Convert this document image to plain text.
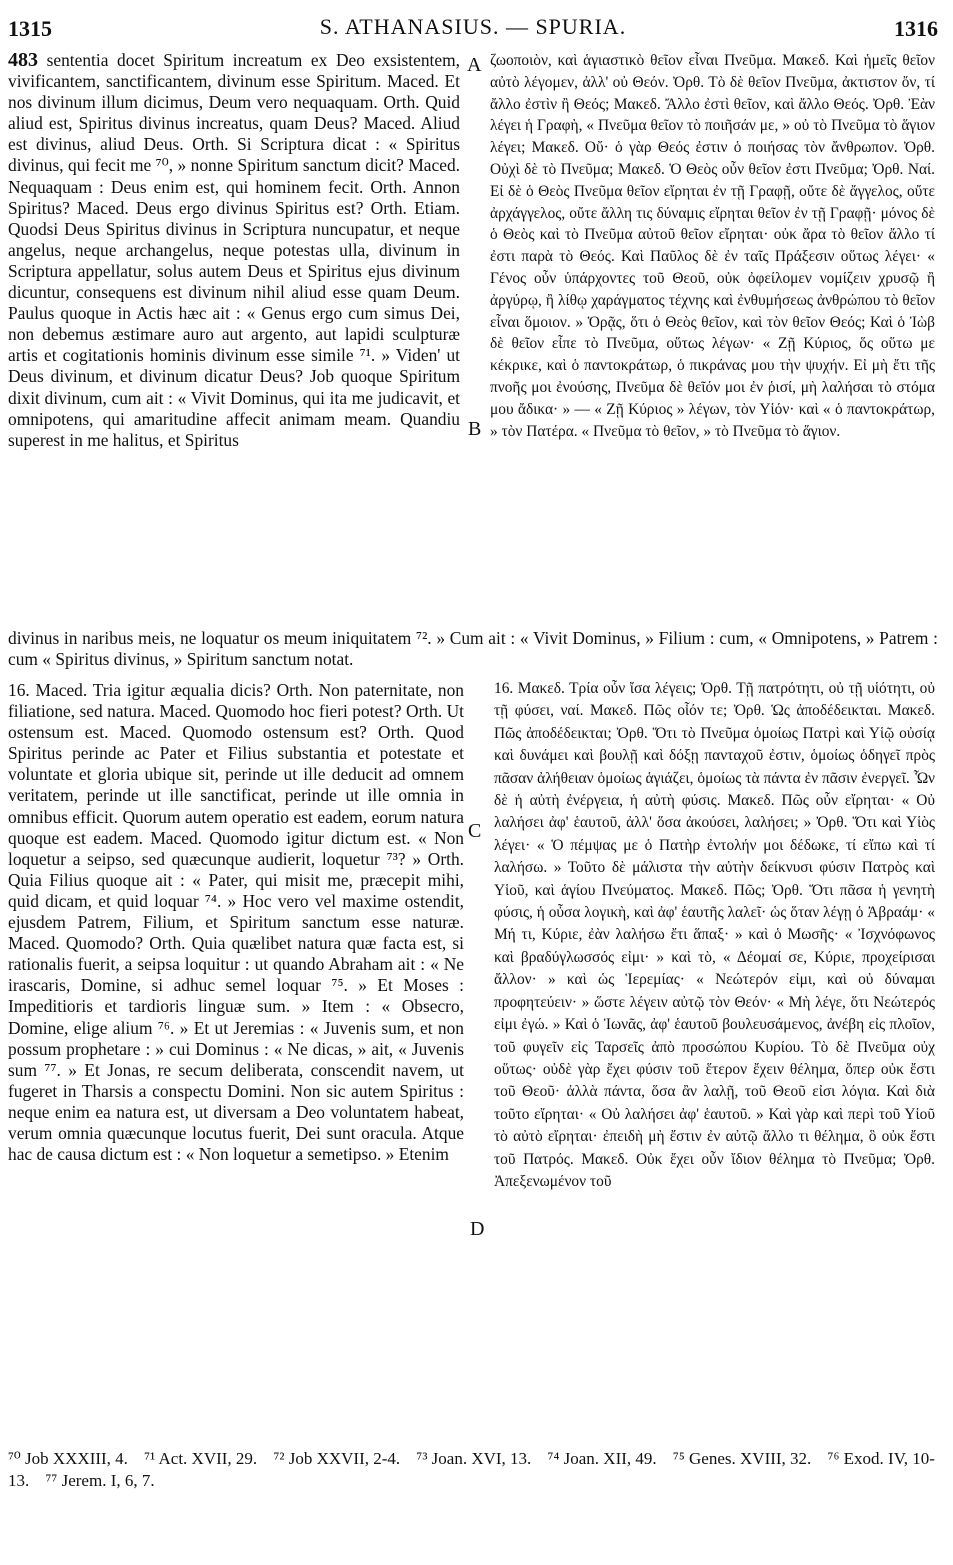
1315	S. ATHANASIUS. — SPURIA.	1316

483 sententia docet Spiritum increatum ex Deo exsistentem, vivificantem, sanctificantem, divinum esse Spiritum. Maced. Et nos divinum illum dicimus, Deum vero nequaquam. Orth. Quid aliud est, Spiritus divinus increatus, quam Deus? Maced. Aliud est divinus, aliud Deus. Orth. Si Scriptura dicat : « Spiritus divinus, qui fecit me ⁷⁰, » nonne Spiritum sanctum dicit? Maced. Nequaquam : Deus enim est, qui hominem fecit. Orth. Annon Spiritus? Maced. Deus ergo divinus Spiritus est? Orth. Etiam. Quodsi Deus Spiritus divinus in Scriptura nuncupatur, et neque angelus, neque archangelus, neque potestas ulla, divinum in Scriptura appellatur, solus autem Deus et Spiritus ejus divinum dicuntur, consequens est divinum nihil aliud esse quam Deum. Paulus quoque in Actis hæc ait : « Genus ergo cum simus Dei, non debemus æstimare auro aut argento, aut lapidi sculpturæ artis et cogitationis hominis divinum esse simile ⁷¹. » Viden' ut Deus divinum, et divinum dicatur Deus? Job quoque Spiritum dixit divinum, cum ait : « Vivit Dominus, qui ita me judicavit, et omnipotens, qui amaritudine affecit animam meam. Quandiu superest in me halitus, et Spiritus

A
B
C
D

ζωοποιὸν, καὶ ἁγιαστικὸ θεῖον εἶναι Πνεῦμα. Μακεδ. Καὶ ἡμεῖς θεῖον αὐτὸ λέγομεν, ἀλλ' οὐ Θεόν. Ὀρθ. Τὸ δὲ θεῖον Πνεῦμα, ἀκτιστον ὄν, τί ἄλλο ἐστὶν ἢ Θεός; Μακεδ. Ἄλλο ἐστὶ θεῖον, καὶ ἄλλο Θεός. Ὀρθ. Ἐὰν λέγει ἡ Γραφὴ, « Πνεῦμα θεῖον τὸ ποιῆσάν με, » οὐ τὸ Πνεῦμα τὸ ἅγιον λέγει; Μακεδ. Οὔ· ὁ γὰρ Θεός ἐστιν ὁ ποιήσας τὸν ἄνθρωπον. Ὀρθ. Οὐχὶ δὲ τὸ Πνεῦμα; Μακεδ. Ὁ Θεὸς οὖν θεῖον ἐστι Πνεῦμα; Ὀρθ. Ναί. Εἰ δὲ ὁ Θεὸς Πνεῦμα θεῖον εἴρηται ἐν τῇ Γραφῇ, οὔτε δὲ ἄγγελος, οὔτε ἀρχάγγελος, οὔτε ἄλλη τις δύναμις εἴρηται θεῖον ἐν τῇ Γραφῇ· μόνος δὲ ὁ Θεὸς καὶ τὸ Πνεῦμα αὐτοῦ θεῖον εἴρηται· οὐκ ἄρα τὸ θεῖον ἄλλο τί ἐστι παρὰ τὸ Θεός. Καὶ Παῦλος δὲ ἐν ταῖς Πράξεσιν οὕτως λέγει· « Γένος οὖν ὑπάρχοντες τοῦ Θεοῦ, οὐκ ὀφείλομεν νομίζειν χρυσῷ ἢ ἀργύρῳ, ἢ λίθῳ χαράγματος τέχνης καὶ ἐνθυμήσεως ἀνθρώπου τὸ θεῖον εἶναι ὅμοιον. » Ὁρᾷς, ὅτι ὁ Θεὸς θεῖον, καὶ τὸν θεῖον Θεός; Καὶ ὁ Ἰὼβ δὲ θεῖον εἶπε τὸ Πνεῦμα, οὕτως λέγων· « Ζῇ Κύριος, ὅς οὕτω με κέκρικε, καὶ ὁ παντοκράτωρ, ὁ πικράνας μου τὴν ψυχήν. Εἰ μὴ ἔτι τῆς πνοῆς μοι ἐνούσης, Πνεῦμα δὲ θεῖόν μοι ἐν ῥισί, μὴ λαλήσαι τὸ στόμα μου ἄδικα· » — « Ζῇ Κύριος » λέγων, τὸν Υἱόν· καὶ « ὁ παντοκράτωρ, » τὸν Πατέρα. « Πνεῦμα τὸ θεῖον, » τὸ Πνεῦμα τὸ ἅγιον.

divinus in naribus meis, ne loquatur os meum iniquitatem ⁷². » Cum ait : « Vivit Dominus, » Filium : cum, « Omnipotens, » Patrem : cum « Spiritus divinus, » Spiritum sanctum notat.

16. Maced. Tria igitur æqualia dicis? Orth. Non paternitate, non filiatione, sed natura. Maced. Quomodo hoc fieri potest? Orth. Ut ostensum est. Maced. Quomodo ostensum est? Orth. Quod Spiritus perinde ac Pater et Filius substantia et potestate et voluntate et gloria ubique sit, perinde ut ille deducit ad omnem veritatem, perinde ut ille sanctificat, perinde ut ille omnia in omnibus efficit. Quorum autem operatio est eadem, eorum natura quoque est eadem. Maced. Quomodo igitur dictum est. « Non loquetur a seipso, sed quæcunque audierit, loquetur ⁷³? » Orth. Quia Filius quoque ait : « Pater, qui misit me, præcepit mihi, quid dicam, et quid loquar ⁷⁴. » Hoc vero vel maxime ostendit, ejusdem Patrem, Filium, et Spiritum sanctum esse naturæ. Maced. Quomodo? Orth. Quia quælibet natura quæ facta est, si rationalis fuerit, a seipsa loquitur : ut quando Abraham ait : « Ne irascaris, Domine, si adhuc semel loquar ⁷⁵. » Et Moses : Impeditioris et tardioris linguæ sum. » Item : « Obsecro, Domine, elige alium ⁷⁶. » Et ut Jeremias : « Juvenis sum, et non possum prophetare : » cui Dominus : « Ne dicas, » ait, « Juvenis sum ⁷⁷. » Et Jonas, re secum deliberata, conscendit navem, ut fugeret in Tharsis a conspectu Domini. Non sic autem Spiritus : neque enim ea natura est, ut diversam a Deo voluntatem habeat, verum omnia quæcunque locutus fuerit, Dei sunt oracula. Atque hac de causa dictum est : « Non loquetur a semetipso. » Etenim

16. Μακεδ. Τρία οὖν ἴσα λέγεις; Ὀρθ. Τῇ πατρότητι, οὐ τῇ υἱότητι, οὐ τῇ φύσει, ναί. Μακεδ. Πῶς οἷόν τε; Ὀρθ. Ὡς ἀποδέδεικται. Μακεδ. Πῶς ἀποδέδεικται; Ὀρθ. Ὅτι τὸ Πνεῦμα ὁμοίως Πατρὶ καὶ Υἱῷ οὐσίᾳ καὶ δυνάμει καὶ βουλῇ καὶ δόξῃ πανταχοῦ ἐστιν, ὁμοίως ὁδηγεῖ πρὸς πᾶσαν ἀλήθειαν ὁμοίως ἁγιάζει, ὁμοίως τὰ πάντα ἐν πᾶσιν ἐνεργεῖ. Ὧν δὲ ἡ αὐτὴ ἐνέργεια, ἡ αὐτὴ φύσις. Μακεδ. Πῶς οὖν εἴρηται· « Οὐ λαλήσει ἀφ' ἑαυτοῦ, ἀλλ' ὅσα ἀκούσει, λαλήσει; » Ὀρθ. Ὅτι καὶ Υἱὸς λέγει· « Ὁ πέμψας με ὁ Πατὴρ ἐντολήν μοι δέδωκε, τί εἴπω καὶ τί λαλήσω. » Τοῦτο δὲ μάλιστα τὴν αὐτὴν δείκνυσι φύσιν Πατρὸς καὶ Υἱοῦ, καὶ ἁγίου Πνεύματος. Μακεδ. Πῶς; Ὀρθ. Ὅτι πᾶσα ἡ γενητὴ φύσις, ἡ οὖσα λογικὴ, καὶ ἀφ' ἑαυτῆς λαλεῖ· ὡς ὅταν λέγῃ ὁ Ἀβραάμ· « Μή τι, Κύριε, ἐὰν λαλήσω ἔτι ἅπαξ· » καὶ ὁ Μωσῆς· « Ἰσχνόφωνος καὶ βραδύγλωσσός εἰμι· » καὶ τὸ, « Δέομαί σε, Κύριε, προχείρισαι ἄλλον· » καὶ ὡς Ἱερεμίας· « Νεώτερόν εἰμι, καὶ οὐ δύναμαι προφητεύειν· » ὥστε λέγειν αὐτῷ τὸν Θεόν· « Μὴ λέγε, ὅτι Νεώτερός εἰμι ἐγώ. » Καὶ ὁ Ἰωνᾶς, ἀφ' ἑαυτοῦ βουλευσάμενος, ἀνέβη εἰς πλοῖον, τοῦ φυγεῖν εἰς Ταρσεῖς ἀπὸ προσώπου Κυρίου. Τὸ δὲ Πνεῦμα οὐχ οὕτως· οὐδὲ γὰρ ἔχει φύσιν τοῦ ἕτερον ἔχειν θέλημα, ὅπερ οὐκ ἔστι τοῦ Θεοῦ· ἀλλὰ πάντα, ὅσα ἂν λαλῇ, τοῦ Θεοῦ εἰσι λόγια. Καὶ διὰ τοῦτο εἴρηται· « Οὐ λαλήσει ἀφ' ἑαυτοῦ. » Καὶ γὰρ καὶ περὶ τοῦ Υἱοῦ τὸ αὐτὸ εἴρηται· ἐπειδὴ μὴ ἔστιν ἐν αὐτῷ ἄλλο τι θέλημα, ὃ οὐκ ἔστι τοῦ Πατρός. Μακεδ. Οὐκ ἔχει οὖν ἴδιον θέλημα τὸ Πνεῦμα; Ὀρθ. Ἀπεξενωμένον τοῦ

⁷⁰ Job XXXIII, 4. ⁷¹ Act. XVII, 29. ⁷² Job XXVII, 2-4. ⁷³ Joan. XVI, 13. ⁷⁴ Joan. XII, 49. ⁷⁵ Genes. XVIII, 32. ⁷⁶ Exod. IV, 10-13. ⁷⁷ Jerem. I, 6, 7.
